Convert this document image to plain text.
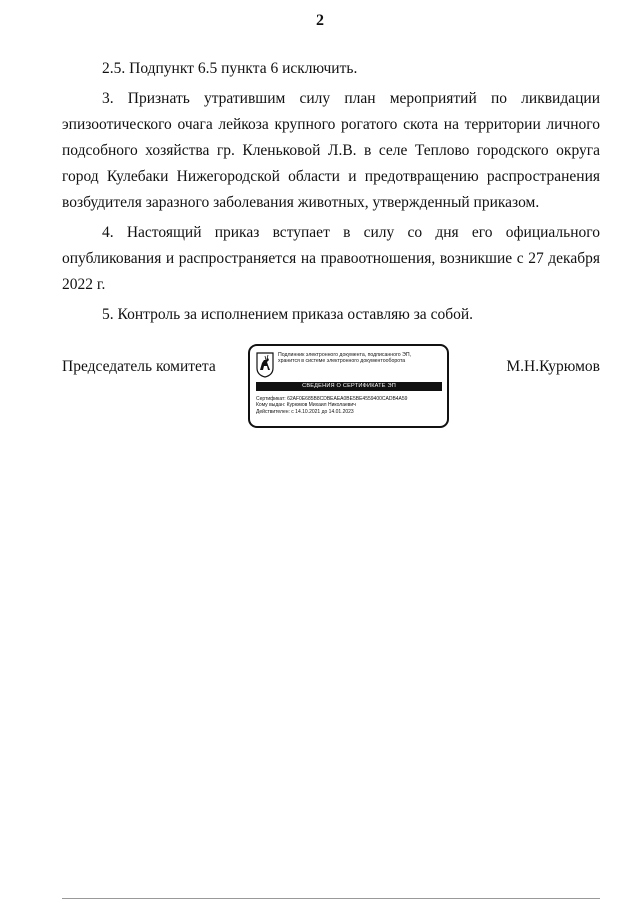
2

2.5. Подпункт 6.5 пункта 6 исключить.

3. Признать утратившим силу план мероприятий по ликвидации
эпизоотического очага лейкоза крупного рогатого скота на территории личного
подсобного хозяйства гр. Кленьковой Л.В. в селе Теплово городского округа
город Кулебаки Нижегородской области и предотвращению распространения
возбудителя заразного заболевания животных, утвержденный приказом.
4. Настоящий приказ вступает в силу со дня его официального
опубликования и распространяется на правоотношения, возникшие с 27 декабря
2022 г.

5. Контроль за исполнением приказа оставляю за собой.

Председатель комитета
Подлинник электронного документа, подписанного ЭП,
хранится в системе электронного документооборота
СВЕДЕНИЯ О СЕРТИФИКАТЕ ЭП
Сертификат: 62AF0E685B8CDBEAEA0BE5BE4559400CADB4A59
Кому выдан: Курюмов Михаил Николаевич
Действителен: с 14.10.2021 до 14.01.2023
М.Н.Курюмов
